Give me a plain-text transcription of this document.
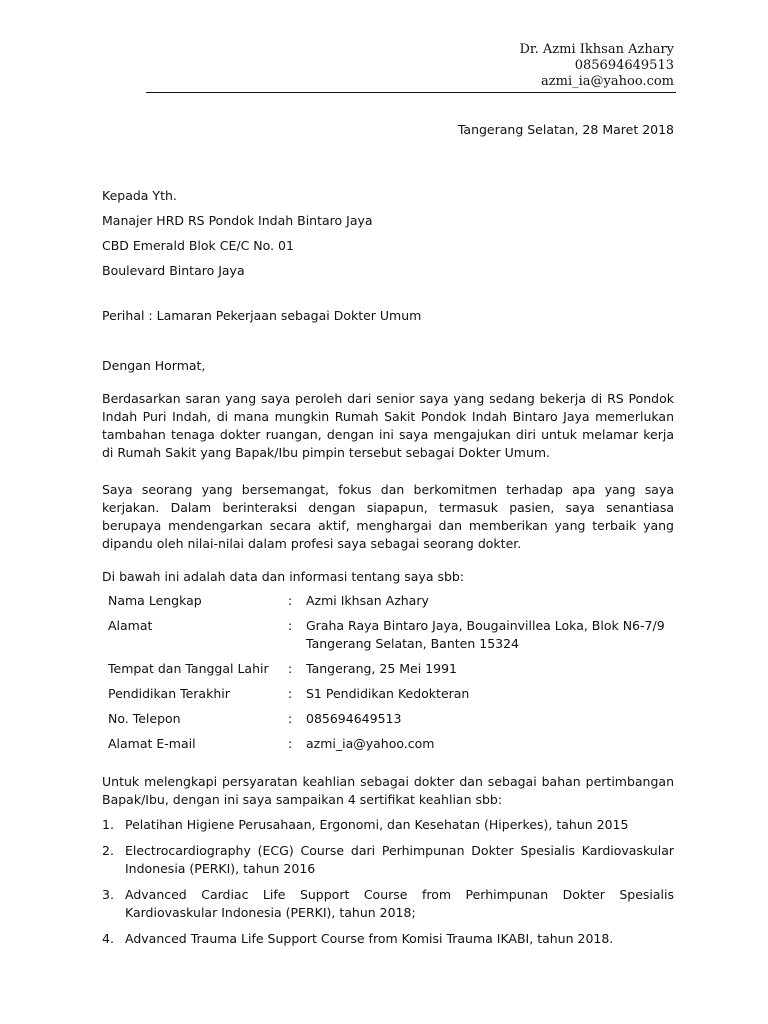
Dr. Azmi Ikhsan Azhary
085694649513
azmi_ia@yahoo.com
Tangerang Selatan, 28 Maret 2018
Kepada Yth.
Manajer HRD RS Pondok Indah Bintaro Jaya
CBD Emerald Blok CE/C No. 01
Boulevard Bintaro Jaya
Perihal : Lamaran Pekerjaan sebagai Dokter Umum

Dengan Hormat,

Berdasarkan saran yang saya peroleh dari senior saya yang sedang bekerja di RS Pondok Indah Puri Indah, di mana mungkin Rumah Sakit Pondok Indah Bintaro Jaya memerlukan tambahan tenaga dokter ruangan, dengan ini saya mengajukan diri untuk melamar kerja di Rumah Sakit yang Bapak/Ibu pimpin tersebut sebagai Dokter Umum.

Saya seorang yang bersemangat, fokus dan berkomitmen terhadap apa yang saya kerjakan. Dalam berinteraksi dengan siapapun, termasuk pasien, saya senantiasa berupaya mendengarkan secara aktif, menghargai dan memberikan yang terbaik yang dipandu oleh nilai-nilai dalam profesi saya sebagai seorang dokter.

Di bawah ini adalah data dan informasi tentang saya sbb:

Nama Lengkap	:	Azmi Ikhsan Azhary
Alamat	:	Graha Raya Bintaro Jaya, Bougainvillea Loka, Blok N6-7/9
Tangerang Selatan, Banten 15324

Tempat dan Tanggal Lahir	:	Tangerang, 25 Mei 1991
Pendidikan Terakhir	:	S1 Pendidikan Kedokteran
No. Telepon	:	085694649513
Alamat E-mail	:	azmi_ia@yahoo.com

Untuk melengkapi persyaratan keahlian sebagai dokter dan sebagai bahan pertimbangan Bapak/Ibu, dengan ini saya sampaikan 4 sertifikat keahlian sbb:

1. Pelatihan Higiene Perusahaan, Ergonomi, dan Kesehatan (Hiperkes), tahun 2015
2. Electrocardiography (ECG) Course dari Perhimpunan Dokter Spesialis Kardiovaskular Indonesia (PERKI), tahun 2016
3. Advanced Cardiac Life Support Course from Perhimpunan Dokter Spesialis Kardiovaskular Indonesia (PERKI), tahun 2018;
4. Advanced Trauma Life Support Course from Komisi Trauma IKABI, tahun 2018.
